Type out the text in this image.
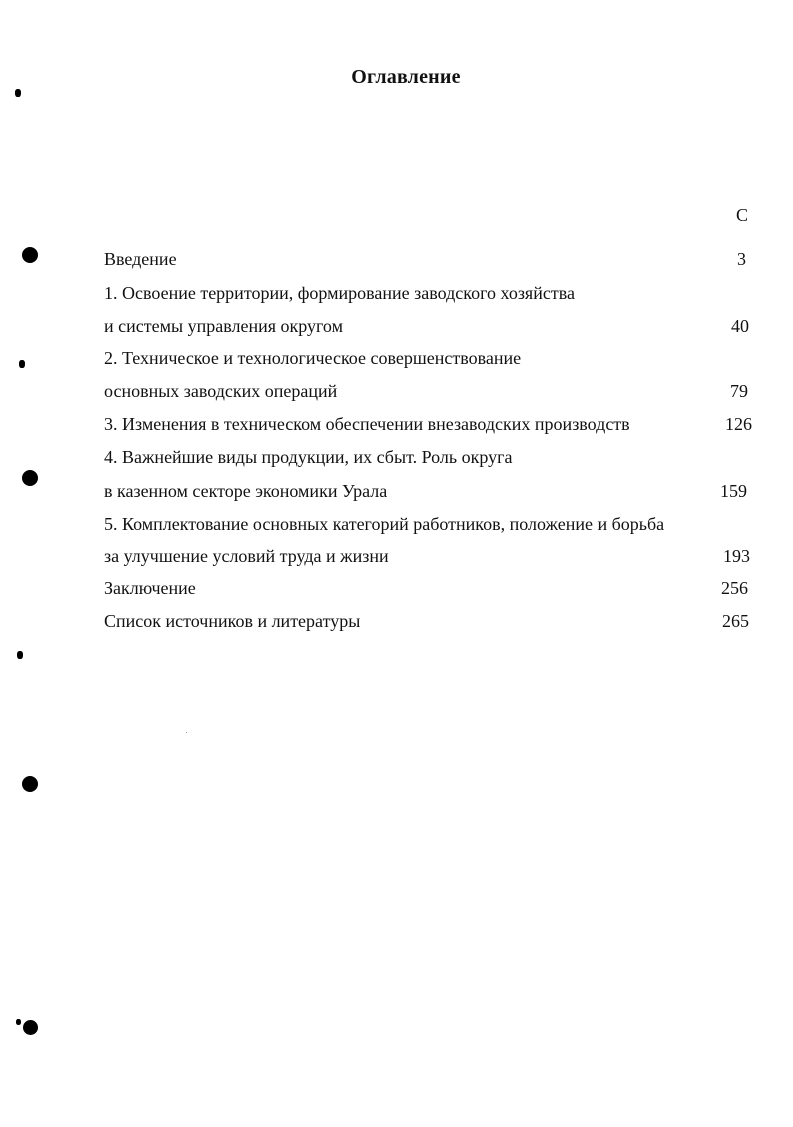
Оглавление
С
Введение	3
1. Освоение территории, формирование заводского хозяйства
и системы управления округом	40
2. Техническое и технологическое совершенствование
основных заводских операций	79
3. Изменения в техническом обеспечении внезаводских производств	126
4. Важнейшие виды продукции, их сбыт. Роль округа
в казенном секторе экономики Урала	159
5. Комплектование основных категорий работников, положение и борьба
за улучшение условий труда и жизни	193
Заключение	256
Список источников и литературы	265
